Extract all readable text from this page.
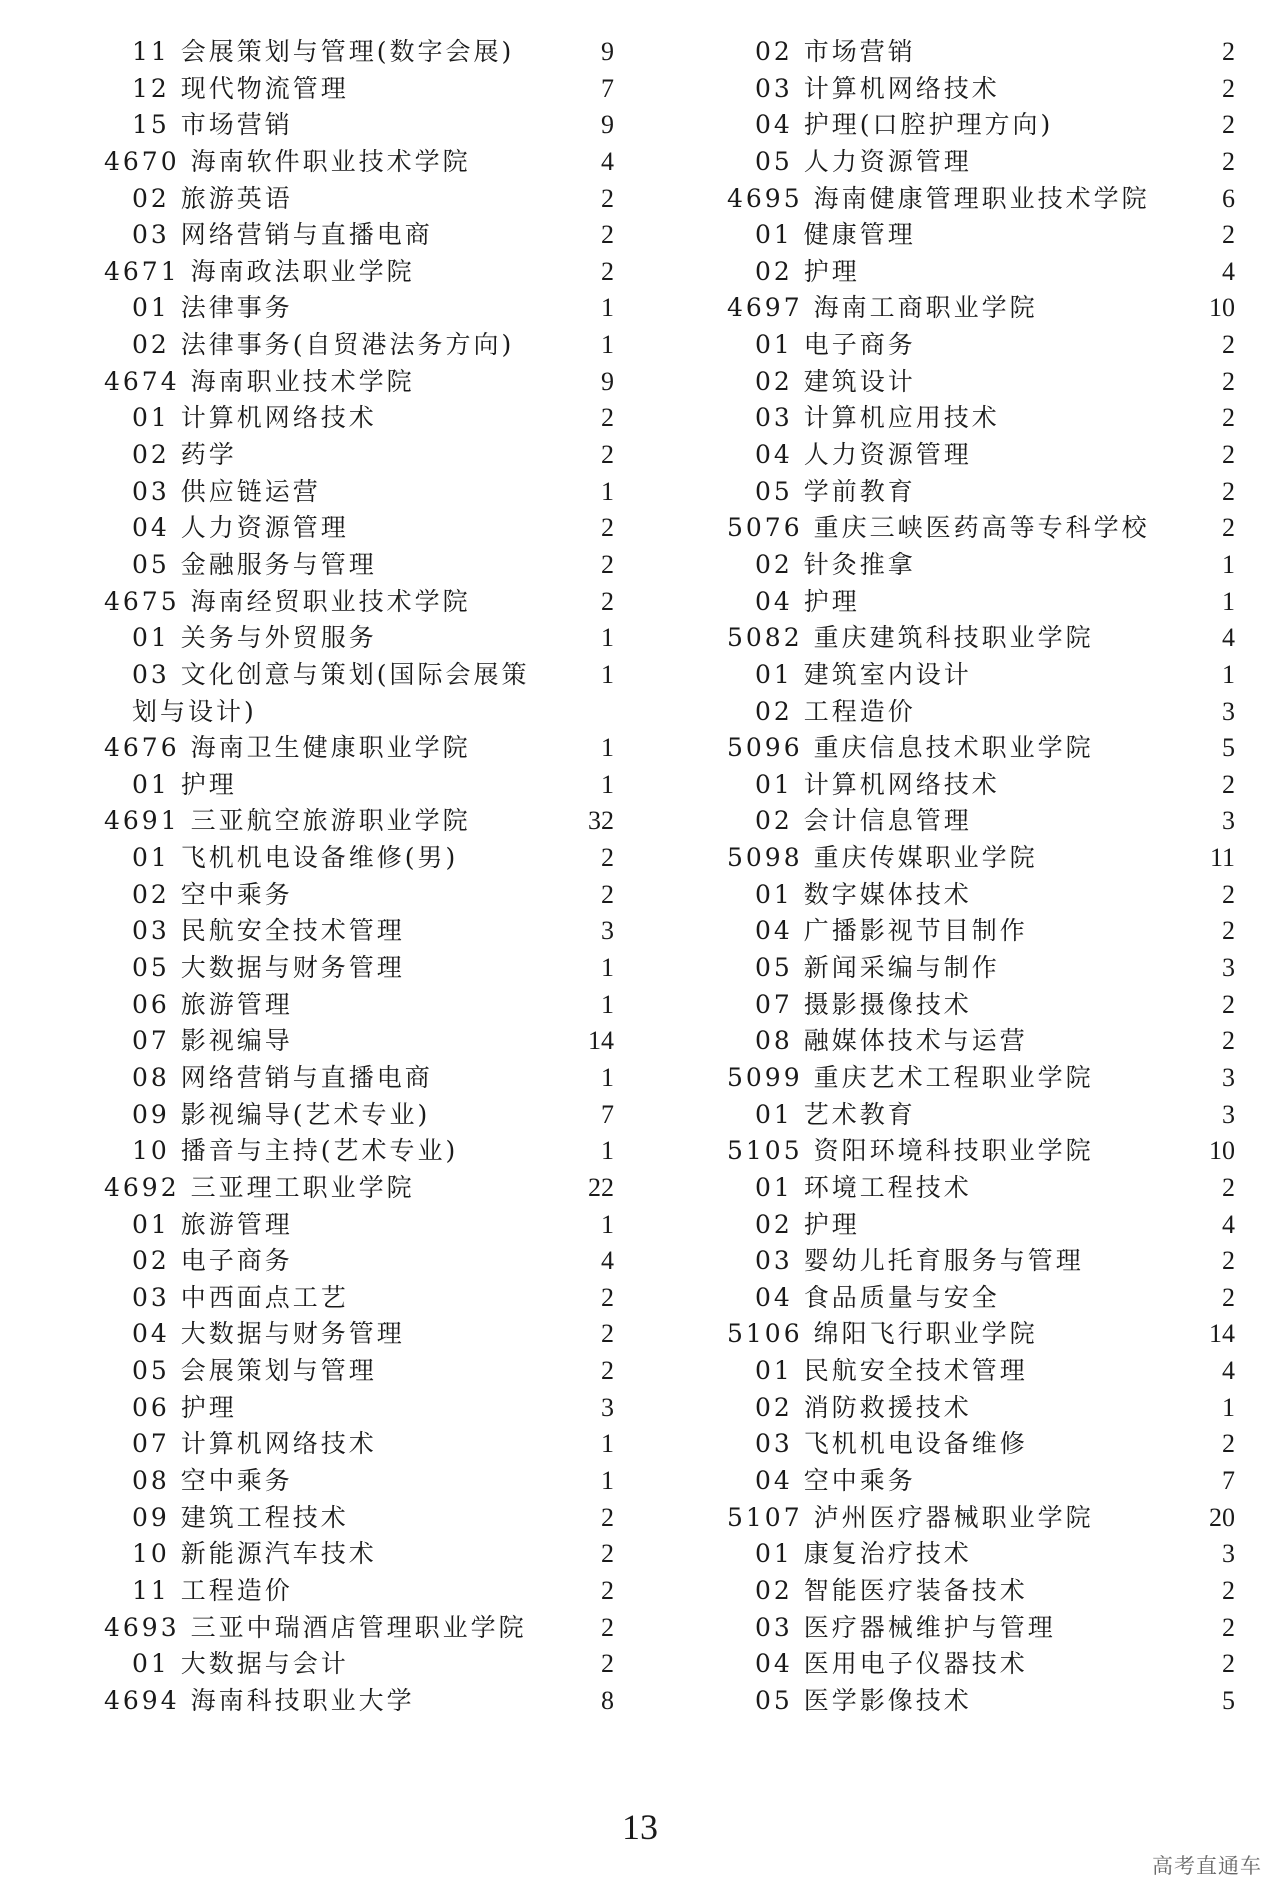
11 会展策划与管理(数字会展)	9
12 现代物流管理	7
15 市场营销	9
4670 海南软件职业技术学院	4
02 旅游英语	2
03 网络营销与直播电商	2
4671 海南政法职业学院	2
01 法律事务	1
02 法律事务(自贸港法务方向)	1
4674 海南职业技术学院	9
01 计算机网络技术	2
02 药学	2
03 供应链运营	1
04 人力资源管理	2
05 金融服务与管理	2
4675 海南经贸职业技术学院	2
01 关务与外贸服务	1
03 文化创意与策划(国际会展策	1
划与设计)
4676 海南卫生健康职业学院	1
01 护理	1
4691 三亚航空旅游职业学院	32
01 飞机机电设备维修(男)	2
02 空中乘务	2
03 民航安全技术管理	3
05 大数据与财务管理	1
06 旅游管理	1
07 影视编导	14
08 网络营销与直播电商	1
09 影视编导(艺术专业)	7
10 播音与主持(艺术专业)	1
4692 三亚理工职业学院	22
01 旅游管理	1
02 电子商务	4
03 中西面点工艺	2
04 大数据与财务管理	2
05 会展策划与管理	2
06 护理	3
07 计算机网络技术	1
08 空中乘务	1
09 建筑工程技术	2
10 新能源汽车技术	2
11 工程造价	2
4693 三亚中瑞酒店管理职业学院	2
01 大数据与会计	2
4694 海南科技职业大学	8
02 市场营销	2
03 计算机网络技术	2
04 护理(口腔护理方向)	2
05 人力资源管理	2
4695 海南健康管理职业技术学院	6
01 健康管理	2
02 护理	4
4697 海南工商职业学院	10
01 电子商务	2
02 建筑设计	2
03 计算机应用技术	2
04 人力资源管理	2
05 学前教育	2
5076 重庆三峡医药高等专科学校	2
02 针灸推拿	1
04 护理	1
5082 重庆建筑科技职业学院	4
01 建筑室内设计	1
02 工程造价	3
5096 重庆信息技术职业学院	5
01 计算机网络技术	2
02 会计信息管理	3
5098 重庆传媒职业学院	11
01 数字媒体技术	2
04 广播影视节目制作	2
05 新闻采编与制作	3
07 摄影摄像技术	2
08 融媒体技术与运营	2
5099 重庆艺术工程职业学院	3
01 艺术教育	3
5105 资阳环境科技职业学院	10
01 环境工程技术	2
02 护理	4
03 婴幼儿托育服务与管理	2
04 食品质量与安全	2
5106 绵阳飞行职业学院	14
01 民航安全技术管理	4
02 消防救援技术	1
03 飞机机电设备维修	2
04 空中乘务	7
5107 泸州医疗器械职业学院	20
01 康复治疗技术	3
02 智能医疗装备技术	2
03 医疗器械维护与管理	2
04 医用电子仪器技术	2
05 医学影像技术	5
13
高考直通车
